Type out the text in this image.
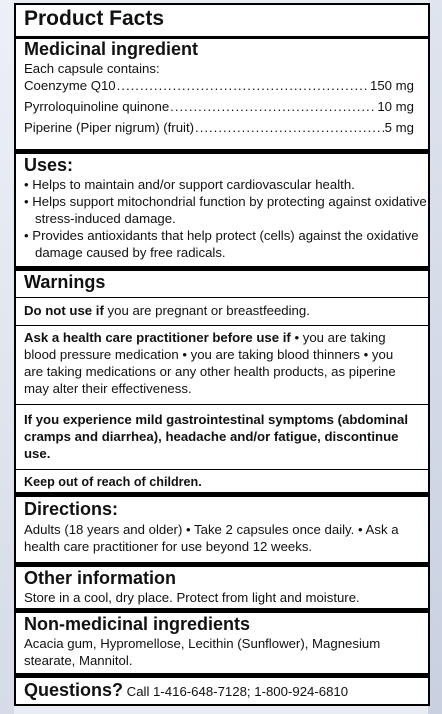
Product Facts
Medicinal ingredient
Each capsule contains:
Coenzyme Q10 .....	150 mg
Pyrroloquinoline quinone .....	10 mg
Piperine (Piper nigrum) (fruit) .....	5 mg
Uses:
• Helps to maintain and/or support cardiovascular health.
• Helps support mitochondrial function by protecting against oxidative stress-induced damage.
• Provides antioxidants that help protect (cells) against the oxidative damage caused by free radicals.
Warnings
Do not use if you are pregnant or breastfeeding.
Ask a health care practitioner before use if • you are taking blood pressure medication • you are taking blood thinners • you are taking medications or any other health products, as piperine may alter their effectiveness.
If you experience mild gastrointestinal symptoms (abdominal cramps and diarrhea), headache and/or fatigue, discontinue use.
Keep out of reach of children.
Directions:
Adults (18 years and older) • Take 2 capsules once daily. • Ask a health care practitioner for use beyond 12 weeks.
Other information
Store in a cool, dry place. Protect from light and moisture.
Non-medicinal ingredients
Acacia gum, Hypromellose, Lecithin (Sunflower), Magnesium stearate, Mannitol.
Questions? Call 1-416-648-7128; 1-800-924-6810
